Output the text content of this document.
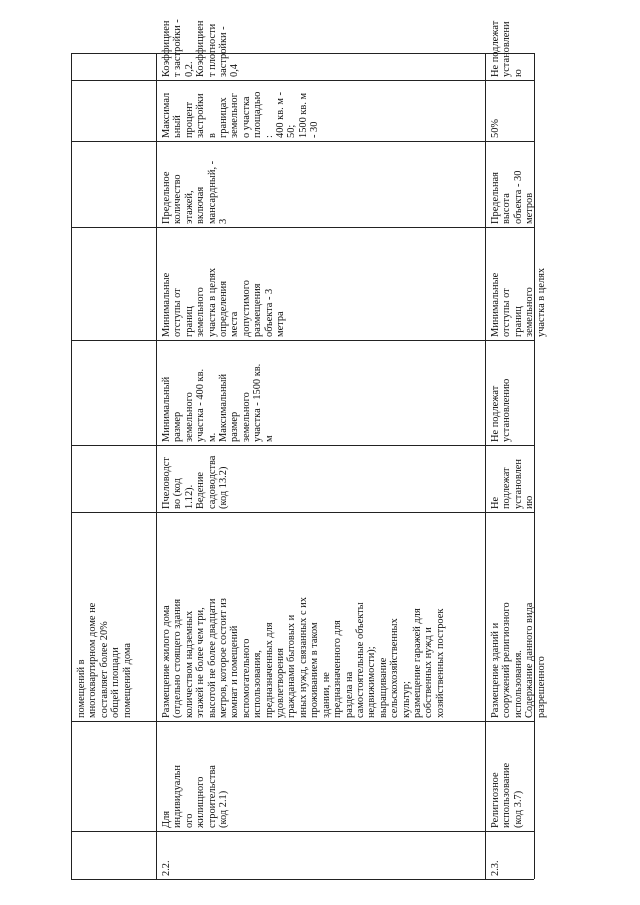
помещений в
многоквартирном доме не
составляет более 20%
общей площади
помещений дома
2.2.
Для
индивидуальн
ого
жилищного
строительства
(код 2.1)
Размещение жилого дома
(отдельно стоящего здания
количеством надземных
этажей не более чем три,
высотой не более двадцати
метров, которое состоит из
комнат и помещений
вспомогательного
использования,
предназначенных для
удовлетворения
гражданами бытовых и
иных нужд, связанных с их
проживанием в таком
здании, не
предназначенного для
раздела на
самостоятельные объекты
недвижимости);
выращивание
сельскохозяйственных
культур;
размещение гаражей для
собственных нужд и
хозяйственных построек
Пчеловодст
во (код
1.12).
Ведение
садоводства
(код 13.2)
Минимальный
размер
земельного
участка - 400 кв.
м.
Максимальный
размер
земельного
участка - 1500 кв.
м
Минимальные
отступы от
границ
земельного
участка в целях
определения
места
допустимого
размещения
объекта - 3
метра
Предельное
количество
этажей,
включая
мансардный, -
3
Максимал
ьный
процент
застройки
в
границах
земельног
о участка
площадью
:
400 кв. м -
50;
1500 кв. м
- 30
Коэффициен
т застройки -
0,2.
Коэффициен
т плотности
застройки -
0,4
2.3.
Религиозное
использование
(код 3.7)
Размещение зданий и
сооружений религиозного
использования.
Содержание данного вида
разрешенного
Не
подлежат
установлен
ию
Не подлежат
установлению
Минимальные
отступы от
границ
земельного
участка в целях
Предельная
высота
объекта - 30
метров
50%
Не подлежат
установлени
ю
